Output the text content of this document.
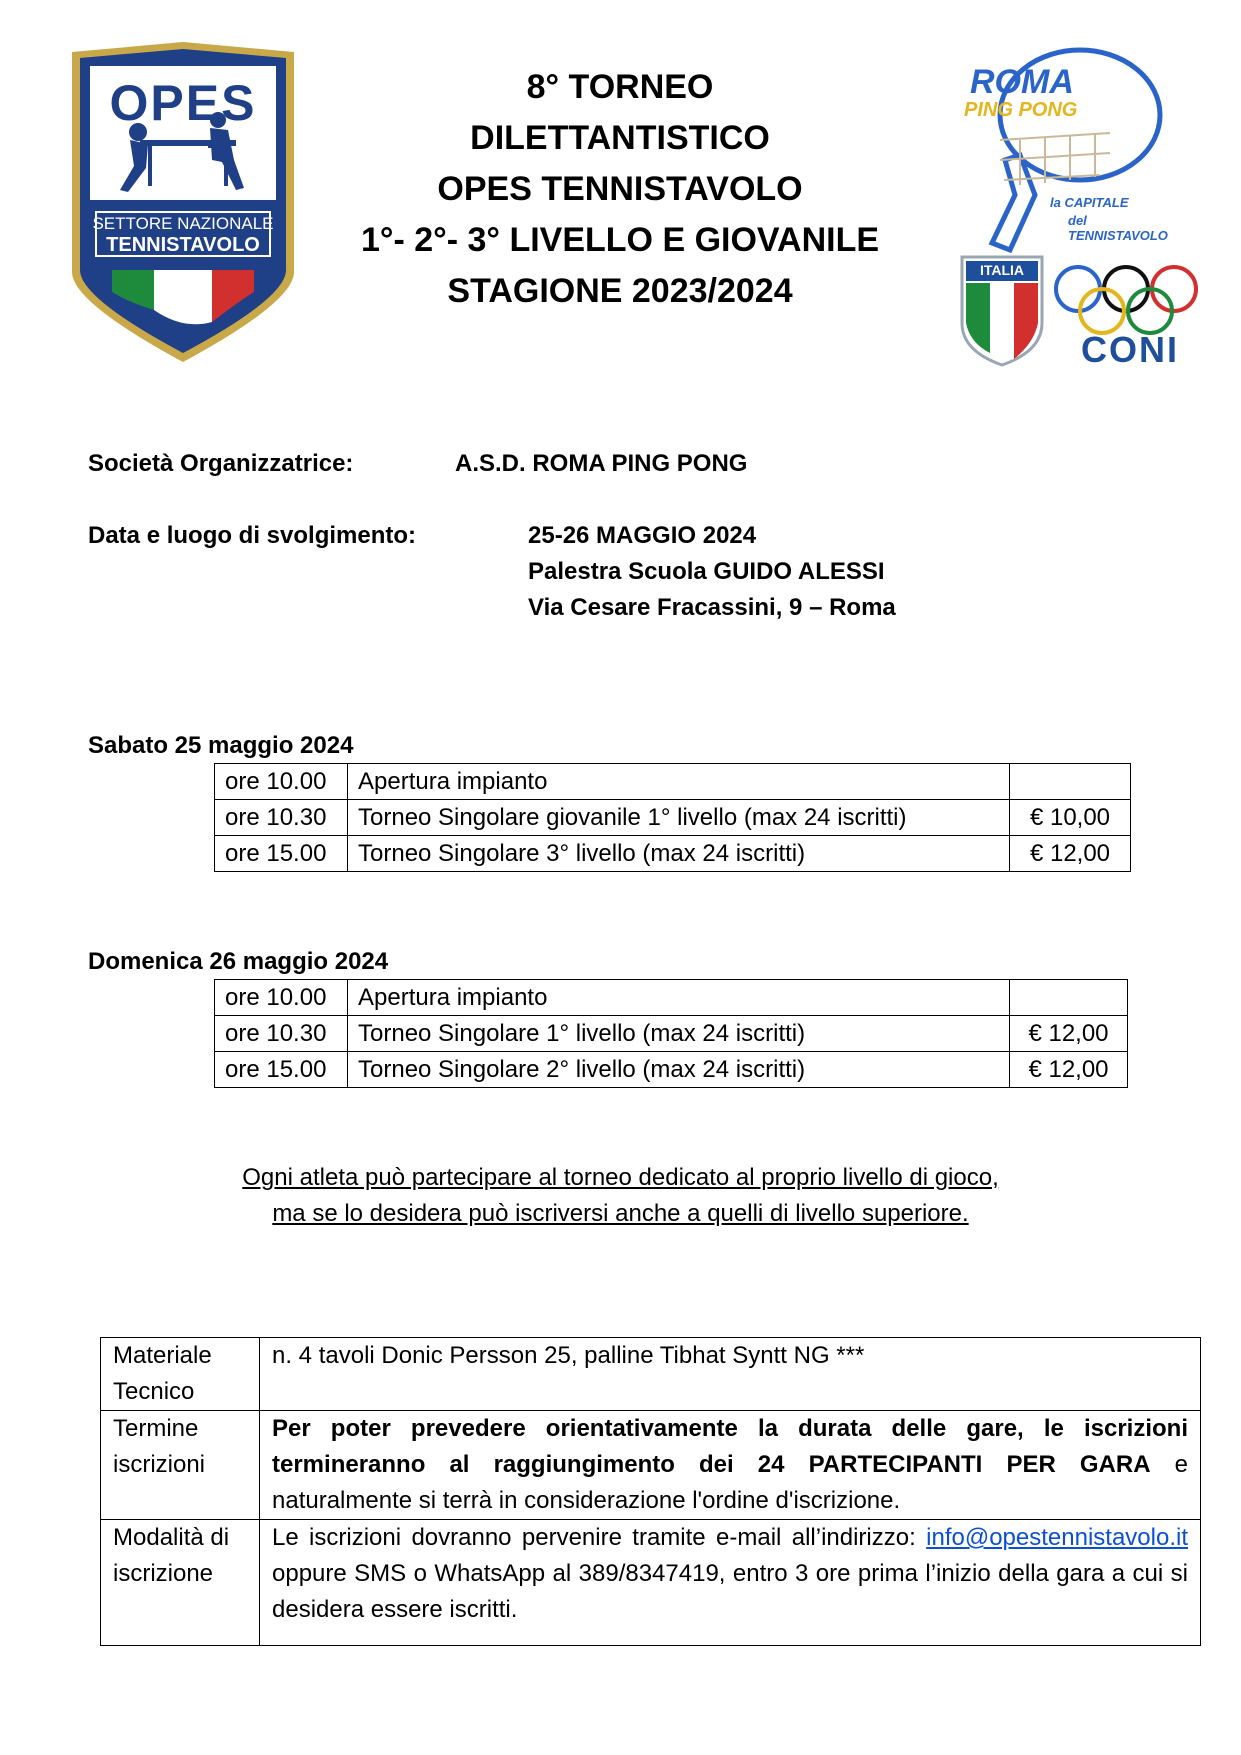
OPES
SETTORE NAZIONALE
TENNISTAVOLO
8° TORNEO
DILETTANTISTICO
OPES TENNISTAVOLO
1°- 2°- 3° LIVELLO E GIOVANILE
STAGIONE 2023/2024
ROMA
PING PONG
la CAPITALE
del TENNISTAVOLO
ITALIA
CONI
Società Organizzatrice:	A.S.D. ROMA PING PONG
Data e luogo di svolgimento:	25-26 MAGGIO 2024
Palestra Scuola GUIDO ALESSI
Via Cesare Fracassini, 9 – Roma
Sabato 25 maggio 2024
ore 10.00	Apertura impianto	
ore 10.30	Torneo Singolare giovanile 1° livello (max 24 iscritti)	€ 10,00
ore 15.00	Torneo Singolare 3° livello (max 24 iscritti)	€ 12,00
Domenica 26 maggio 2024
ore 10.00	Apertura impianto	
ore 10.30	Torneo Singolare 1° livello (max 24 iscritti)	€ 12,00
ore 15.00	Torneo Singolare 2° livello (max 24 iscritti)	€ 12,00
Ogni atleta può partecipare al torneo dedicato al proprio livello di gioco,
ma se lo desidera può iscriversi anche a quelli di livello superiore.
Materiale Tecnico	n. 4 tavoli Donic Persson 25, palline Tibhat Syntt NG ***
Termine iscrizioni	Per poter prevedere orientativamente la durata delle gare, le iscrizioni termineranno al raggiungimento dei 24 PARTECIPANTI PER GARA e naturalmente si terrà in considerazione l'ordine d'iscrizione.
Modalità di iscrizione	Le iscrizioni dovranno pervenire tramite e-mail all’indirizzo: info@opestennistavolo.it oppure SMS o WhatsApp al 389/8347419, entro 3 ore prima l’inizio della gara a cui si desidera essere iscritti.
